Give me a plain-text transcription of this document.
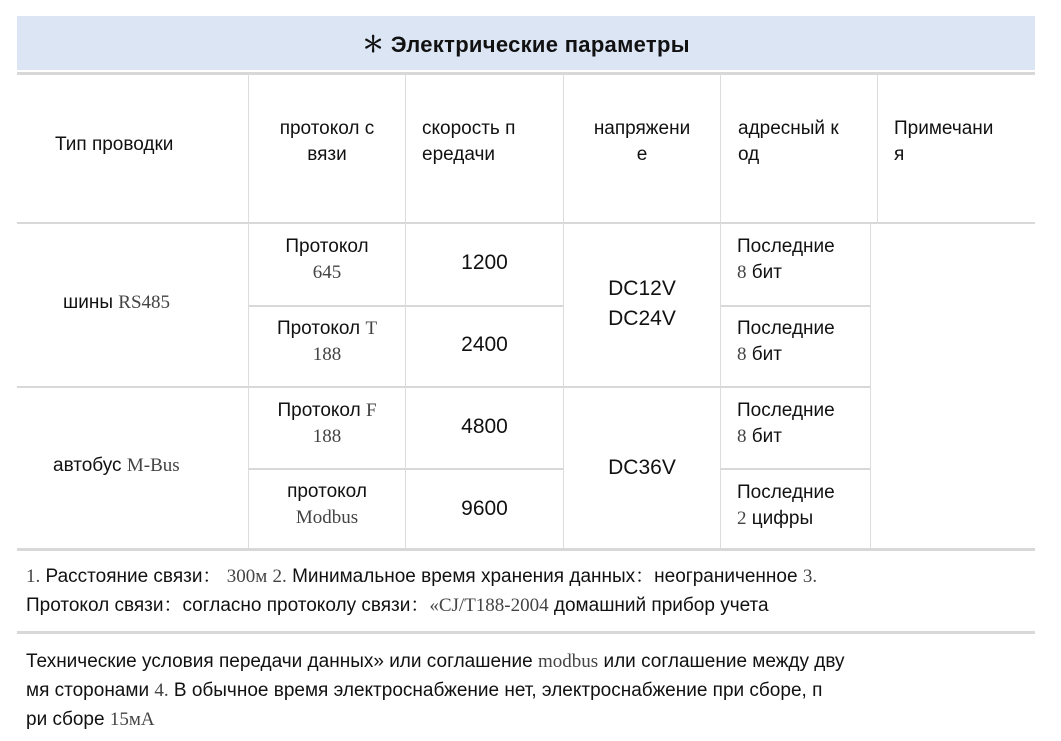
＊ Электрические параметры
Тип проводки
протокол с
вязи
скорость п
ередачи
напряжени
е
адресный к
од
Примечани
я
шины RS485
автобус M-Bus
Протокол
645
Протокол T
188
Протокол F
188
протокол
Modbus
1200
2400
4800
9600
DC12V
DC24V
DC36V
Последние
8 бит
Последние
8 бит
Последние
8 бит
Последние
2 цифры
1. Расстояние связи： 300м 2. Минимальное время хранения данных：неограниченное 3.
Протокол связи：согласно протоколу связи：«CJ/T188-2004 домашний прибор учета
Технические условия передачи данных» или соглашение modbus или соглашение между дву
мя сторонами 4. В обычное время электроснабжение нет, электроснабжение при сборе, п
ри сборе 15мА
